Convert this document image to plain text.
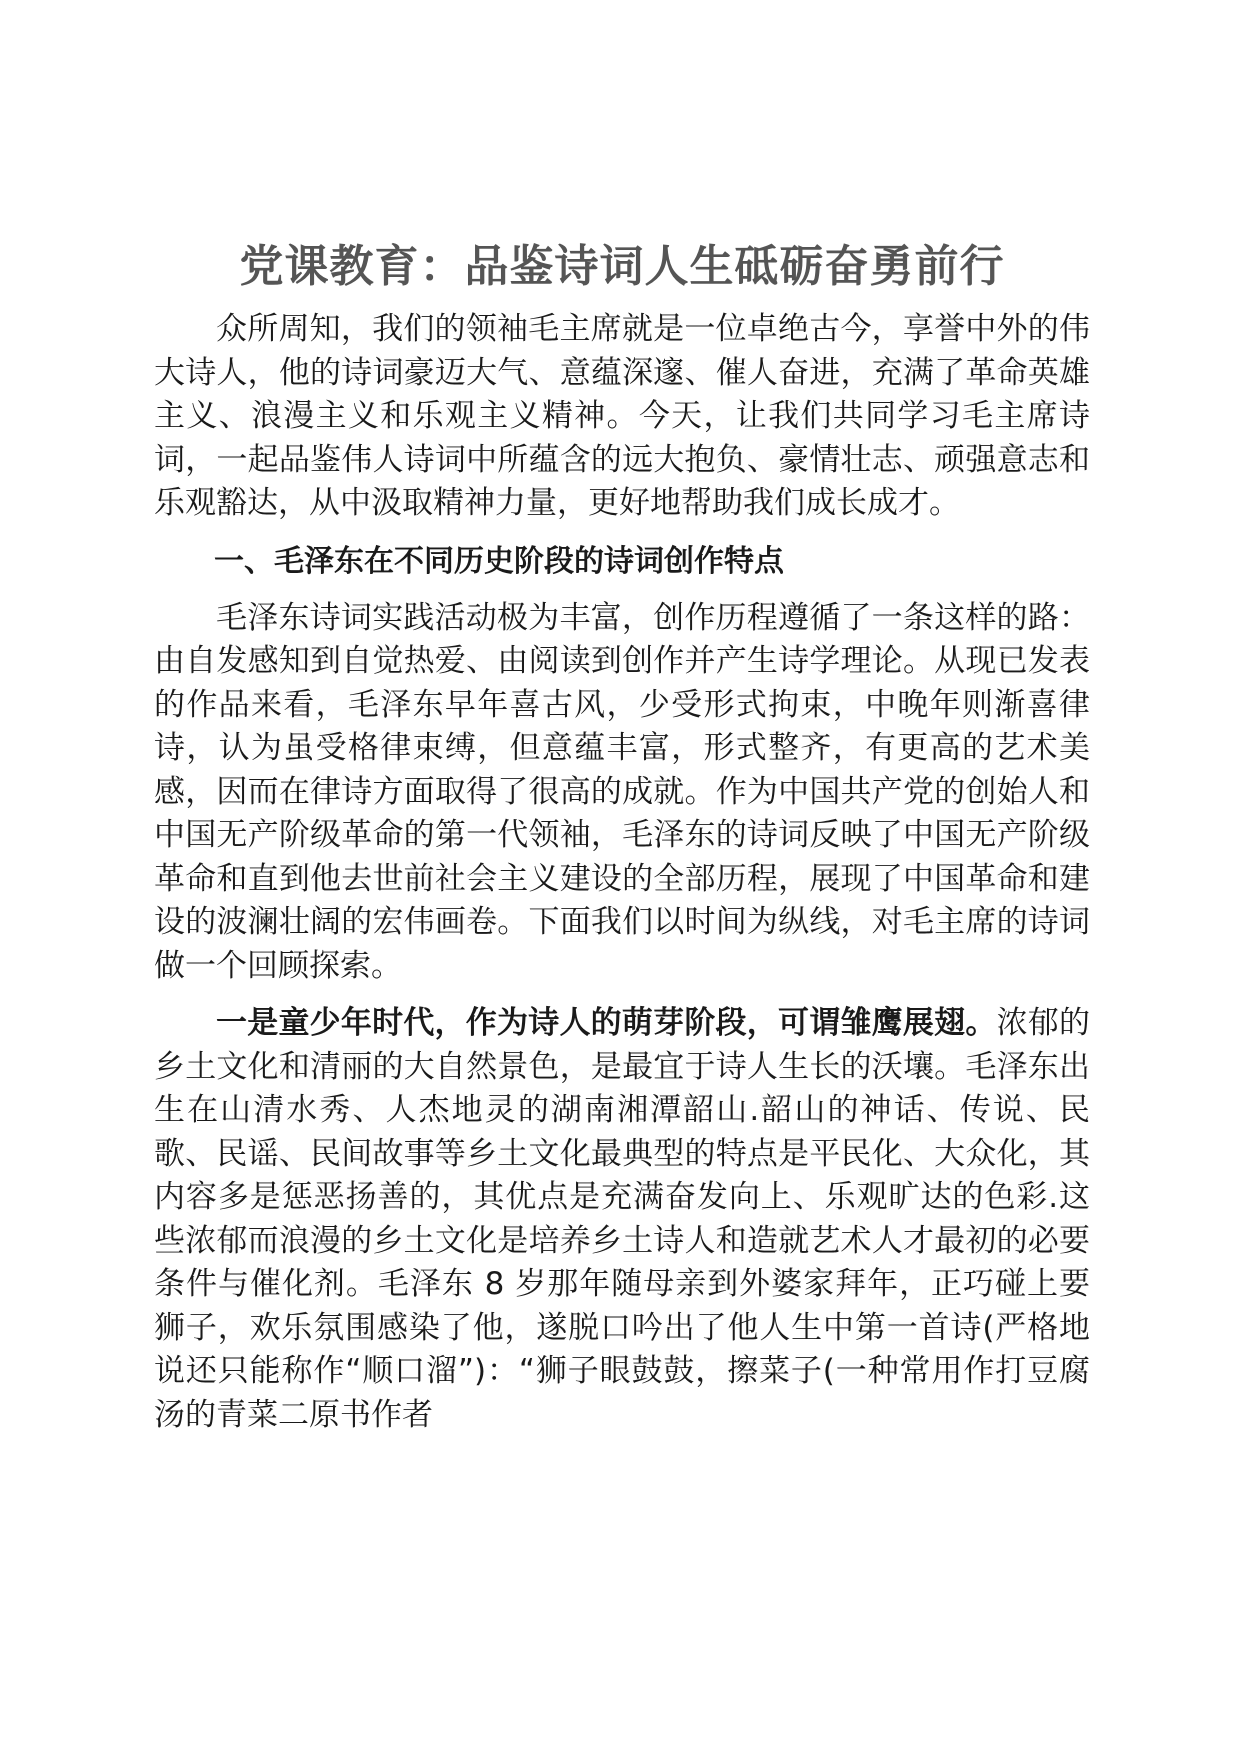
党课教育：品鉴诗词人生砥砺奋勇前行

众所周知，我们的领袖毛主席就是一位卓绝古今，享誉中外的伟大诗人，他的诗词豪迈大气、意蕴深邃、催人奋进，充满了革命英雄主义、浪漫主义和乐观主义精神。今天，让我们共同学习毛主席诗词，一起品鉴伟人诗词中所蕴含的远大抱负、豪情壮志、顽强意志和乐观豁达，从中汲取精神力量，更好地帮助我们成长成才。

一、毛泽东在不同历史阶段的诗词创作特点

毛泽东诗词实践活动极为丰富，创作历程遵循了一条这样的路：由自发感知到自觉热爱、由阅读到创作并产生诗学理论。从现已发表的作品来看，毛泽东早年喜古风，少受形式拘束，中晚年则渐喜律诗，认为虽受格律束缚，但意蕴丰富，形式整齐，有更高的艺术美感，因而在律诗方面取得了很高的成就。作为中国共产党的创始人和中国无产阶级革命的第一代领袖，毛泽东的诗词反映了中国无产阶级革命和直到他去世前社会主义建设的全部历程，展现了中国革命和建设的波澜壮阔的宏伟画卷。下面我们以时间为纵线，对毛主席的诗词做一个回顾探索。

一是童少年时代，作为诗人的萌芽阶段，可谓雏鹰展翅。浓郁的乡土文化和清丽的大自然景色，是最宜于诗人生长的沃壤。毛泽东出生在山清水秀、人杰地灵的湖南湘潭韶山.韶山的神话、传说、民歌、民谣、民间故事等乡土文化最典型的特点是平民化、大众化，其内容多是惩恶扬善的，其优点是充满奋发向上、乐观旷达的色彩.这些浓郁而浪漫的乡土文化是培养乡土诗人和造就艺术人才最初的必要条件与催化剂。毛泽东 8 岁那年随母亲到外婆家拜年，正巧碰上要狮子，欢乐氛围感染了他，遂脱口吟出了他人生中第一首诗(严格地说还只能称作“顺口溜”)：“狮子眼鼓鼓，擦菜子(一种常用作打豆腐汤的青菜二原书作者
